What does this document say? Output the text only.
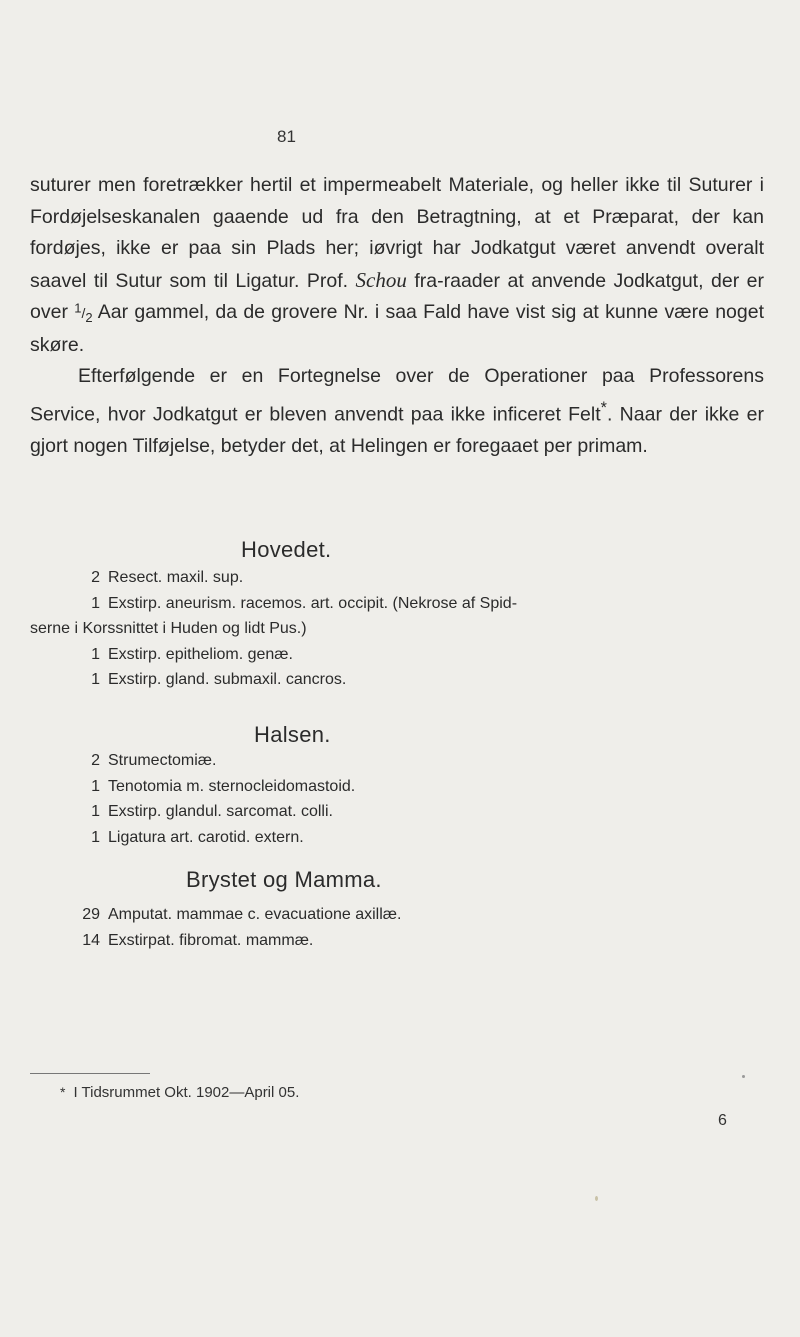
81

suturer men foretrækker hertil et impermeabelt Materiale, og heller ikke til Suturer i Fordøjelseskanalen gaaende ud fra den Betragtning, at et Præparat, der kan fordøjes, ikke er paa sin Plads her; iøvrigt har Jodkatgut været anvendt overalt saavel til Sutur som til Ligatur. Prof. Schou fra-raader at anvende Jodkatgut, der er over $^1/_2$ Aar gammel, da de grovere Nr. i saa Fald have vist sig at kunne være noget skøre.

Efterfølgende er en Fortegnelse over de Operationer paa Professorens Service, hvor Jodkatgut er bleven anvendt paa ikke inficeret Felt*. Naar der ikke er gjort nogen Tilføjelse, betyder det, at Helingen er foregaaet per primam.

Hovedet.
2 Resect. maxil. sup.
1 Exstirp. aneurism. racemos. art. occipit. (Nekrose af Spid-
serne i Korssnittet i Huden og lidt Pus.)
1 Exstirp. epitheliom. genæ.
1 Exstirp. gland. submaxil. cancros.
Halsen.
2 Strumectomiæ.
1 Tenotomia m. sternocleidomastoid.
1 Exstirp. glandul. sarcomat. colli.
1 Ligatura art. carotid. extern.
Brystet og Mamma.
29 Amputat. mammae c. evacuatione axillæ.
14 Exstirpat. fibromat. mammæ.
* I Tidsrummet Okt. 1902—April 05.
6
